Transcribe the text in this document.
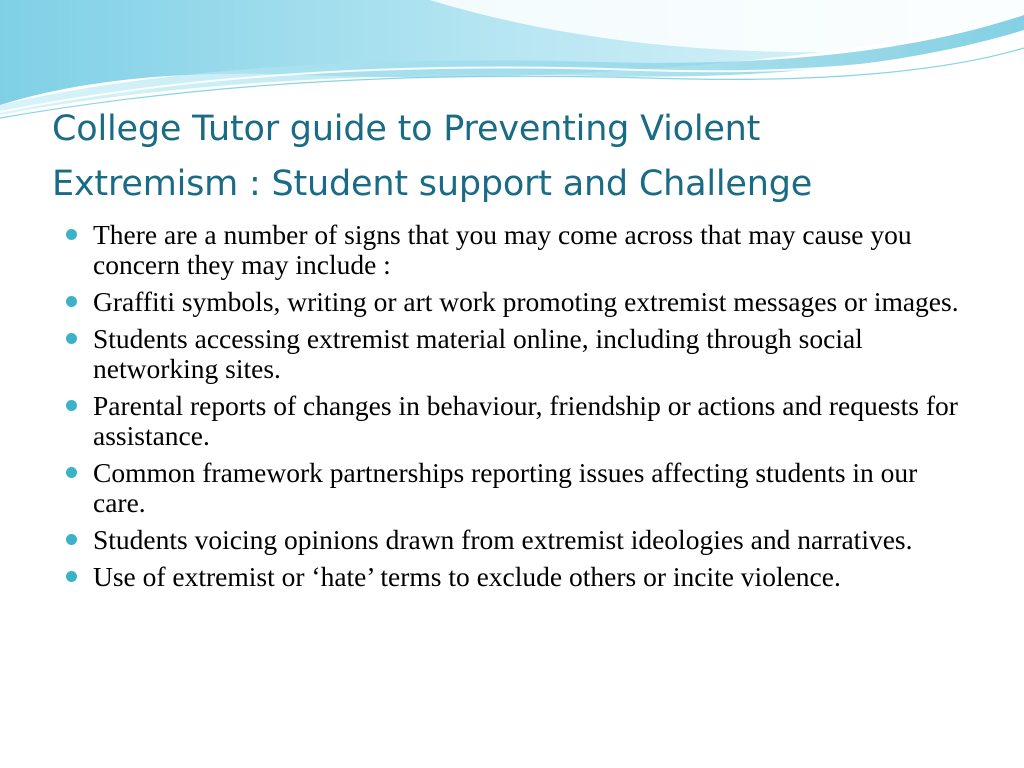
College Tutor guide to Preventing Violent
Extremism : Student support and Challenge
There are a number of signs that you may come across that may cause you concern they may include :
Graffiti symbols, writing or art work promoting extremist messages or images.
Students accessing extremist material online, including through social networking sites.
Parental reports of changes in behaviour, friendship or actions and requests for assistance.
Common framework partnerships reporting issues affecting students in our care.
Students voicing opinions drawn from extremist ideologies and narratives.
Use of extremist or ‘hate’ terms to exclude others or incite violence.
